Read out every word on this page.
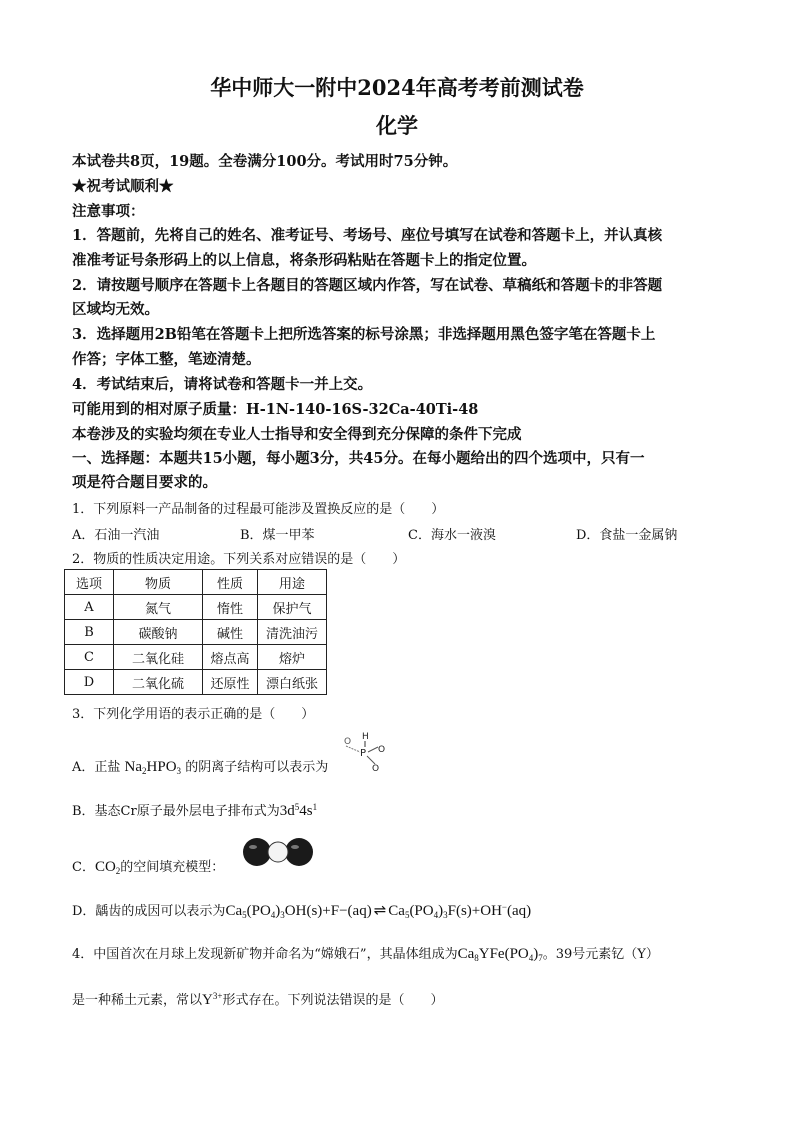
华中师大一附中2024年高考考前测试卷
化学
本试卷共8页，19题。全卷满分100分。考试用时75分钟。
★祝考试顺利★
注意事项：
1．答题前，先将自己的姓名、准考证号、考场号、座位号填写在试卷和答题卡上，并认真核
准准考证号条形码上的以上信息，将条形码粘贴在答题卡上的指定位置。
2．请按题号顺序在答题卡上各题目的答题区域内作答，写在试卷、草稿纸和答题卡的非答题
区域均无效。
3．选择题用2B铅笔在答题卡上把所选答案的标号涂黑；非选择题用黑色签字笔在答题卡上
作答；字体工整，笔迹清楚。
4．考试结束后，请将试卷和答题卡一并上交。
可能用到的相对原子质量：H-1N-140-16S-32Ca-40Ti-48
本卷涉及的实验均须在专业人士指导和安全得到充分保障的条件下完成
一、选择题：本题共15小题，每小题3分，共45分。在每小题给出的四个选项中，只有一
项是符合题目要求的。
1．下列原料一产品制备的过程最可能涉及置换反应的是（　　）
A．石油一汽油	B．煤一甲苯	C．海水一液溴	D．食盐一金属钠
2．物质的性质决定用途。下列关系对应错误的是（　　）
选项	物质	性质	用途
A	氮气	惰性	保护气
B	碳酸钠	碱性	清洗油污
C	二氧化硅	熔点高	熔炉
D	二氧化硫	还原性	漂白纸张
3．下列化学用语的表示正确的是（　　）
A．正盐 $Na_2HPO_3$ 的阴离子结构可以表示为
H
P O
O
O
B．基态Cr原子最外层电子排布式为$3d^54s^1$
C．$CO_2$的空间填充模型：
D．龋齿的成因可以表示为$Ca_5(PO_4)_3OH(s)+F-(aq)$ ⇌ $Ca_5(PO_4)_3F(s)+OH^-(aq)$
4．中国首次在月球上发现新矿物并命名为“嫦娥石”，其晶体组成为$Ca_8YFe(PO_4)_7$。39号元素钇（Y）
是一种稀土元素，常以$Y^{3+}$形式存在。下列说法错误的是（　　）
